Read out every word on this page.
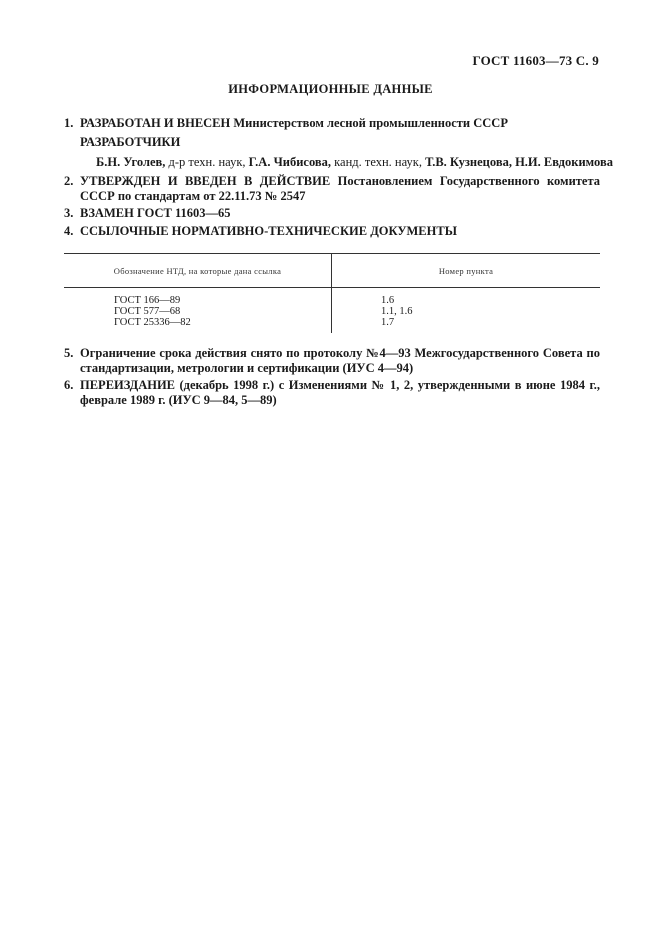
ГОСТ 11603—73 С. 9
ИНФОРМАЦИОННЫЕ ДАННЫЕ
1. РАЗРАБОТАН И ВНЕСЕН Министерством лесной промышленности СССР
РАЗРАБОТЧИКИ
Б.Н. Уголев, д-р техн. наук, Г.А. Чибисова, канд. техн. наук, Т.В. Кузнецова, Н.И. Евдокимова
2. УТВЕРЖДЕН И ВВЕДЕН В ДЕЙСТВИЕ Постановлением Государственного комитета СССР по стандартам от 22.11.73 № 2547
3. ВЗАМЕН ГОСТ 11603—65
4. ССЫЛОЧНЫЕ НОРМАТИВНО-ТЕХНИЧЕСКИЕ ДОКУМЕНТЫ
Обозначение НТД, на которые дана ссылка	Номер пункта
ГОСТ 166—89
ГОСТ 577—68
ГОСТ 25336—82
1.6
1.1, 1.6
1.7
5. Ограничение срока действия снято по протоколу №4—93 Межгосударственного Совета по стандартизации, метрологии и сертификации (ИУС 4—94)
6. ПЕРЕИЗДАНИЕ (декабрь 1998 г.) с Изменениями № 1, 2, утвержденными в июне 1984 г., феврале 1989 г. (ИУС 9—84, 5—89)
